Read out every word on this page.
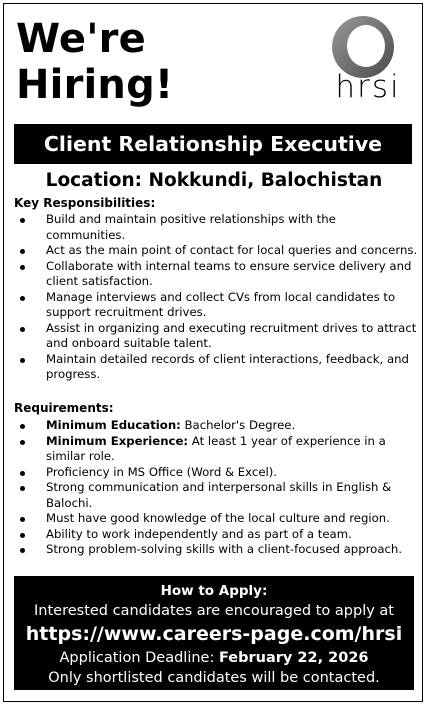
We're
Hiring!	hrsi
Client Relationship Executive
Location: Nokkundi, Balochistan
Key Responsibilities:
Build and maintain positive relationships with the communities.
Act as the main point of contact for local queries and concerns.
Collaborate with internal teams to ensure service delivery and client satisfaction.
Manage interviews and collect CVs from local candidates to support recruitment drives.
Assist in organizing and executing recruitment drives to attract and onboard suitable talent.
Maintain detailed records of client interactions, feedback, and progress.
Requirements:
Minimum Education: Bachelor's Degree.
Minimum Experience: At least 1 year of experience in a similar role.
Proficiency in MS Office (Word & Excel).
Strong communication and interpersonal skills in English & Balochi.
Must have good knowledge of the local culture and region.
Ability to work independently and as part of a team.
Strong problem-solving skills with a client-focused approach.
How to Apply:
Interested candidates are encouraged to apply at
https://www.careers-page.com/hrsi
Application Deadline: February 22, 2026
Only shortlisted candidates will be contacted.
